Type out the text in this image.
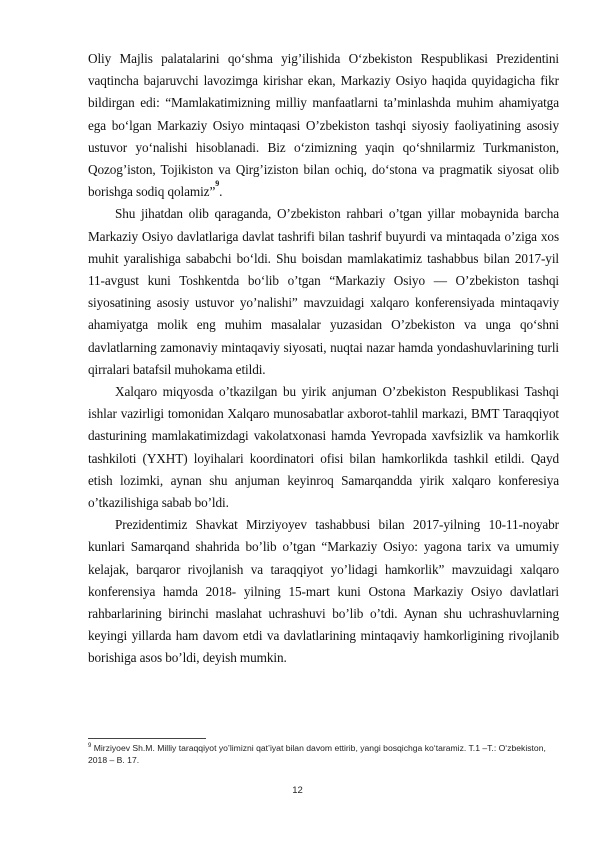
Oliy Majlis palatalarini qo‘shma yig’ilishida O‘zbekiston Respublikasi Prezidentini vaqtincha bajaruvchi lavozimga kirishar ekan, Markaziy Osiyo haqida quyidagicha fikr bildirgan edi: “Mamlakatimizning milliy manfaatlarni ta’minlashda muhim ahamiyatga ega bo‘lgan Markaziy Osiyo mintaqasi O’zbekiston tashqi siyosiy faoliyatining asosiy ustuvor yo‘nalishi hisoblanadi. Biz o‘zimizning yaqin qo‘shnilarmiz Turkmaniston, Qozog’iston, Tojikiston va Qirg’iziston bilan ochiq, do‘stona va pragmatik siyosat olib borishga sodiq qolamiz”$^9$.

Shu jihatdan olib qaraganda, O’zbekiston rahbari o’tgan yillar mobaynida barcha Markaziy Osiyo davlatlariga davlat tashrifi bilan tashrif buyurdi va mintaqada o’ziga xos muhit yaralishiga sababchi bo‘ldi. Shu boisdan mamlakatimiz tashabbus bilan 2017-yil 11-avgust kuni Toshkentda bo‘lib o’tgan “Markaziy Osiyo — O’zbekiston tashqi siyosatining asosiy ustuvor yo’nalishi” mavzuidagi xalqaro konferensiyada mintaqaviy ahamiyatga molik eng muhim masalalar yuzasidan O’zbekiston va unga qo‘shni davlatlarning zamonaviy mintaqaviy siyosati, nuqtai nazar hamda yondashuvlarining turli qirralari batafsil muhokama etildi.

Xalqaro miqyosda o’tkazilgan bu yirik anjuman O’zbekiston Respublikasi Tashqi ishlar vazirligi tomonidan Xalqaro munosabatlar axborot-tahlil markazi, BMT Taraqqiyot dasturining mamlakatimizdagi vakolatxonasi hamda Yevropada xavfsizlik va hamkorlik tashkiloti (YXHT) loyihalari koordinatori ofisi bilan hamkorlikda tashkil etildi. Qayd etish lozimki, aynan shu anjuman keyinroq Samarqandda yirik xalqaro konferesiya o’tkazilishiga sabab bo’ldi.

Prezidentimiz Shavkat Mirziyoyev tashabbusi bilan 2017-yilning 10-11-noyabr kunlari Samarqand shahrida bo’lib o’tgan “Markaziy Osiyo: yagona tarix va umumiy kelajak, barqaror rivojlanish va taraqqiyot yo’lidagi hamkorlik” mavzuidagi xalqaro konferensiya hamda 2018- yilning 15-mart kuni Ostona Markaziy Osiyo davlatlari rahbarlarining birinchi maslahat uchrashuvi bo’lib o’tdi. Aynan shu uchrashuvlarning keyingi yillarda ham davom etdi va davlatlarining mintaqaviy hamkorligining rivojlanib borishiga asos bo’ldi, deyish mumkin.

$^9$ Mirziyoev Sh.M. Milliy taraqqiyot yo’limizni qat’iyat bilan davom ettirib, yangi bosqichga ko‘taramiz. T.1 –T.: O‘zbekiston, 2018 – B. 17.
12
